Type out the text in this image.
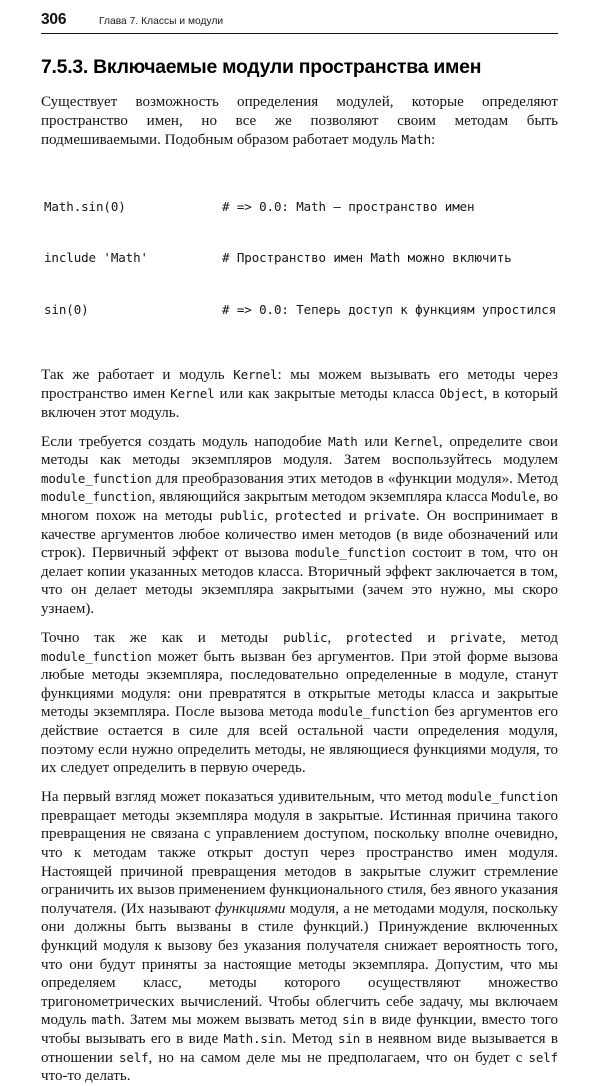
306	Глава 7. Классы и модули
7.5.3. Включаемые модули пространства имен

Существует возможность определения модулей, которые определяют пространство имен, но все же позволяют своим методам быть подмешиваемыми. Подобным образом работает модуль Math:

Math.sin(0)	# => 0.0: Math – пространство имен

include 'Math'	# Пространство имен Math можно включить

sin(0)	# => 0.0: Теперь доступ к функциям упростился

Так же работает и модуль Kernel: мы можем вызывать его методы через пространство имен Kernel или как закрытые методы класса Object, в который включен этот модуль.

Если требуется создать модуль наподобие Math или Kernel, определите свои методы как методы экземпляров модуля. Затем воспользуйтесь модулем module_function для преобразования этих методов в «функции модуля». Метод module_function, являющийся закрытым методом экземпляра класса Module, во многом похож на методы public, protected и private. Он воспринимает в качестве аргументов любое количество имен методов (в виде обозначений или строк). Первичный эффект от вызова module_function состоит в том, что он делает копии указанных методов класса. Вторичный эффект заключается в том, что он делает методы экземпляра закрытыми (зачем это нужно, мы скоро узнаем).

Точно так же как и методы public, protected и private, метод module_function может быть вызван без аргументов. При этой форме вызова любые методы экземпляра, последовательно определенные в модуле, станут функциями модуля: они превратятся в открытые методы класса и закрытые методы экземпляра. После вызова метода module_function без аргументов его действие остается в силе для всей остальной части определения модуля, поэтому если нужно определить методы, не являющиеся функциями модуля, то их следует определить в первую очередь.

На первый взгляд может показаться удивительным, что метод module_function превращает методы экземпляра модуля в закрытые. Истинная причина такого превращения не связана с управлением доступом, поскольку вполне очевидно, что к методам также открыт доступ через пространство имен модуля. Настоящей причиной превращения методов в закрытые служит стремление ограничить их вызов применением функционального стиля, без явного указания получателя. (Их называют функциями модуля, а не методами модуля, поскольку они должны быть вызваны в стиле функций.) Принуждение включенных функций модуля к вызову без указания получателя снижает вероятность того, что они будут приняты за настоящие методы экземпляра. Допустим, что мы определяем класс, методы которого осуществляют множество тригонометрических вычислений. Чтобы облегчить себе задачу, мы включаем модуль math. Затем мы можем вызвать метод sin в виде функции, вместо того чтобы вызывать его в виде Math.sin. Метод sin в неявном виде вызывается в отношении self, но на самом деле мы не предполагаем, что он будет с self что-то делать.
